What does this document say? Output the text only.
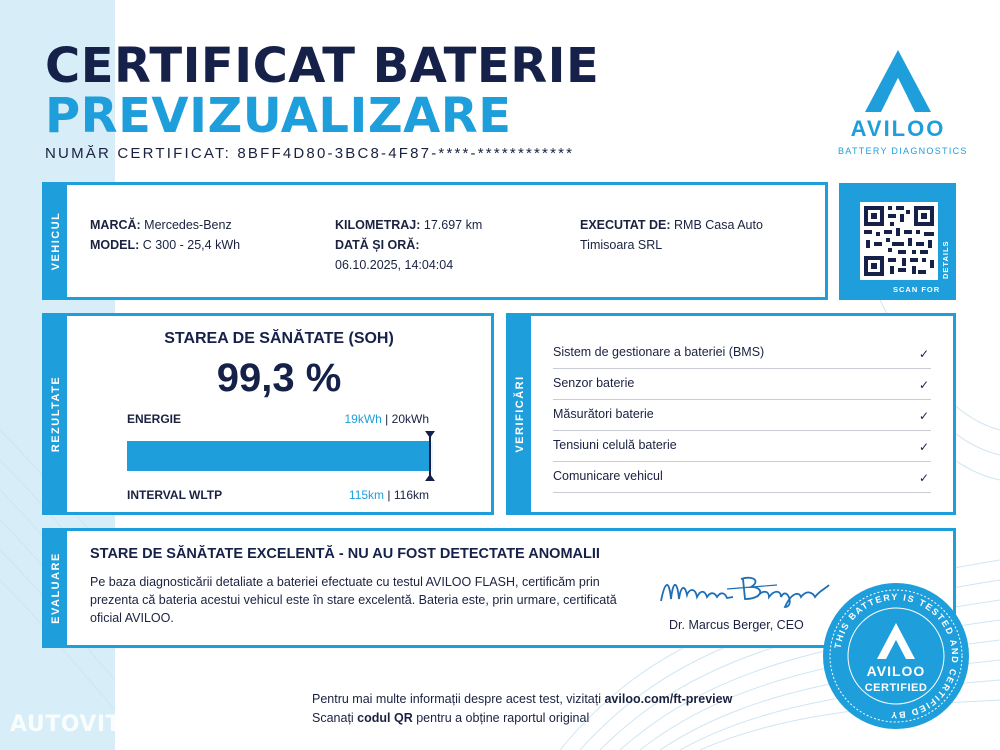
CERTIFICAT BATERIE
PREVIZUALIZARE
NUMĂR CERTIFICAT: 8BFF4D80-3BC8-4F87-****-************
AVILOO
BATTERY DIAGNOSTICS
VEHICUL MARCĂ: Mercedes-Benz
MODEL: C 300 - 25,4 kWh
KILOMETRAJ: 17.697 km
DATĂ ȘI ORĂ:
06.10.2025, 14:04:04
EXECUTAT DE: RMB Casa Auto
Timisoara SRL
SCAN FOR
DETAILS
REZULTATE
STAREA DE SĂNĂTATE (SOH)
99,3 %
ENERGIE	19kWh | 20kWh
INTERVAL WLTP	115km | 116km
VERIFICĂRI
Sistem de gestionare a bateriei (BMS)	✓
Senzor baterie	✓
Măsurători baterie	✓
Tensiuni celulă baterie	✓
Comunicare vehicul	✓
EVALUARE STARE DE SĂNĂTATE EXCELENTĂ - NU AU FOST DETECTATE ANOMALII
Pe baza diagnosticării detaliate a bateriei efectuate cu testul AVILOO FLASH, certificăm prin prezenta că bateria acestui vehicul este în stare excelentă. Bateria este, prin urmare, certificată oficial AVILOO.	Dr. Marcus Berger, CEO
THIS BATTERY IS TESTED AND CERTIFIED BY
AVILOO
CERTIFIED
Pentru mai multe informații despre acest test, vizitați aviloo.com/ft-preview
Scanați codul QR pentru a obține raportul original
AUTOVIT.RO
